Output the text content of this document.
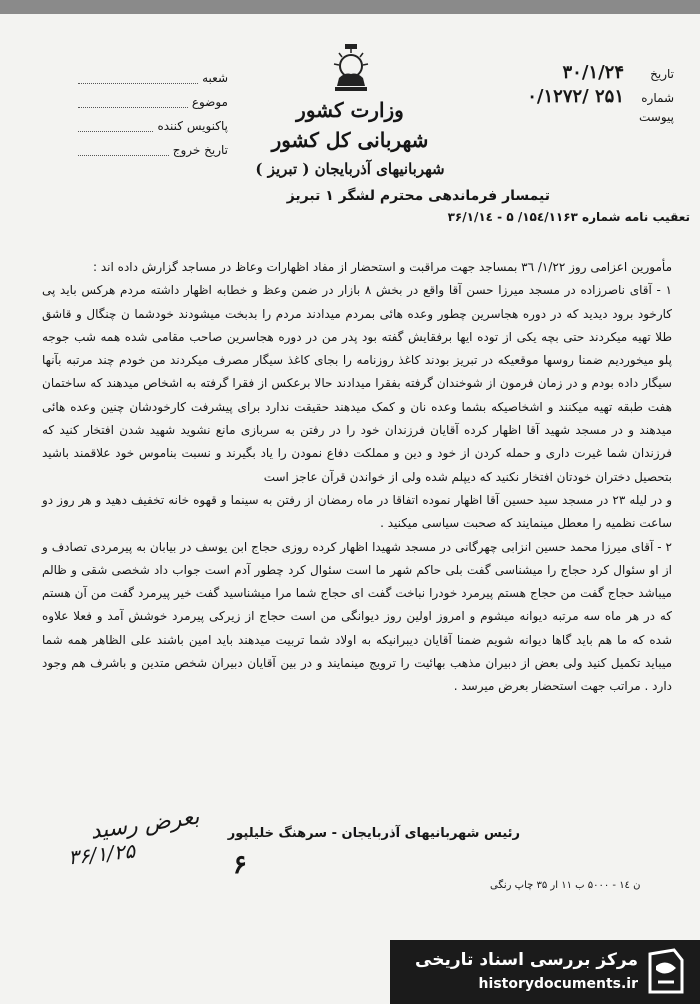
شعبه
موضوع
پاکنویس کننده
تاریخ خروج
تاریخ
۳۰/۱/۲۴
شماره
۰/۱۲۷۲/ ۲۵۱
پیوست
وزارت کشور
شهربانی کل کشور
شهربانیهای آذربایجان ( تبریز )
تیمسار فرماندهی محترم لشگر ۱ تبریز
تعقیب نامه شماره ۱۵٤/۱۱۶۳/ ۵ - ۳۶/۱/۱٤

مأمورین اعزامی روز ۱/۲۲/ ۳٦ بمساجد جهت مراقبت و استحضار از مفاد اظهارات وعاظ در مساجد گزارش داده اند :

۱ - آقای ناصرزاده در مسجد میرزا حسن آقا واقع در بخش ۸ بازار در ضمن وعظ و خطابه اظهار داشته مردم هرکس باید پی کارخود برود دیدید که در دوره هجاسرین چطور وعده هائی بمردم میدادند مردم را بدبخت میشودند خودشما ن چنگال و قاشق طلا تهیه میکردند حتی بچه یکی از توده ایها برفقایش گفته بود پدر من در دوره هجاسرین صاحب مقامی شده همه شب جوجه پلو میخوردیم ضمنا روسها موقعیکه در تبریز بودند کاغذ روزنامه را بجای کاغذ سیگار مصرف میکردند من خودم چند مرتبه بآنها سیگار داده بودم و در زمان فرمون از شوخندان گرفته بفقرا میدادند حالا برعکس از فقرا گرفته به اشخاص میدهند که ساختمان هفت طبقه تهیه میکنند و اشخاصیکه بشما وعده نان و کمک میدهند حقیقت ندارد برای پیشرفت کارخودشان چنین وعده هائی میدهند و در مسجد شهید آقا اظهار کرده آقایان فرزندان خود را در رفتن به سربازی مانع نشوید شهید شدن افتخار کنید که فرزندان شما غیرت داری و حمله کردن از خود و دین و مملکت دفاع نمودن را یاد بگیرند و نسبت بناموس خود علاقمند باشید بتحصیل دختران خودتان افتخار نکنید که دیپلم شده ولی از خواندن قرآن عاجز است

و در لیله ۲۳ در مسجد سید حسین آقا اظهار نموده اتفاقا در ماه رمضان از رفتن به سینما و قهوه خانه تخفیف دهید و هر روز دو ساعت نظمیه را معطل مینمایند که صحبت سیاسی میکنید .

۲ - آقای میرزا محمد حسین انزابی چهرگانی در مسجد شهیدا اظهار کرده روزی حجاج ابن یوسف در بیابان به پیرمردی تصادف و از او سئوال کرد حجاج را میشناسی گفت بلی حاکم شهر ما است سئوال کرد چطور آدم است جواب داد شخصی شقی و ظالم میباشد حجاج گفت من حجاج هستم پیرمرد خودرا نباخت گفت ای حجاج شما مرا میشناسید گفت خیر پیرمرد گفت من آن هستم که در هر ماه سه مرتبه دیوانه میشوم و امروز اولین روز دیوانگی من است حجاج از زیرکی پیرمرد خوشش آمد و فعلا علاوه شده که ما هم باید گاها دیوانه شویم ضمنا آقایان دیبرانیکه به اولاد شما تربیت میدهند باید امین باشند علی الظاهر همه شما میباید تکمیل کنید ولی بعض از دبیران مذهب بهائیت را ترویج مینمایند و در بین آقایان دبیران شخص متدین و باشرف هم وجود دارد . مراتب جهت استحضار بعرض میرسد .

بعرض رسید
۳۶/۱/۲۵
رئیس شهربانیهای آذربایجان - سرهنگ خلیلپور
۶
ن ۱٤ - ۵۰۰۰ ب ۱۱ ار ۳۵ چاپ رنگی
مرکز بررسی اسناد تاریخی
historydocuments.ir
